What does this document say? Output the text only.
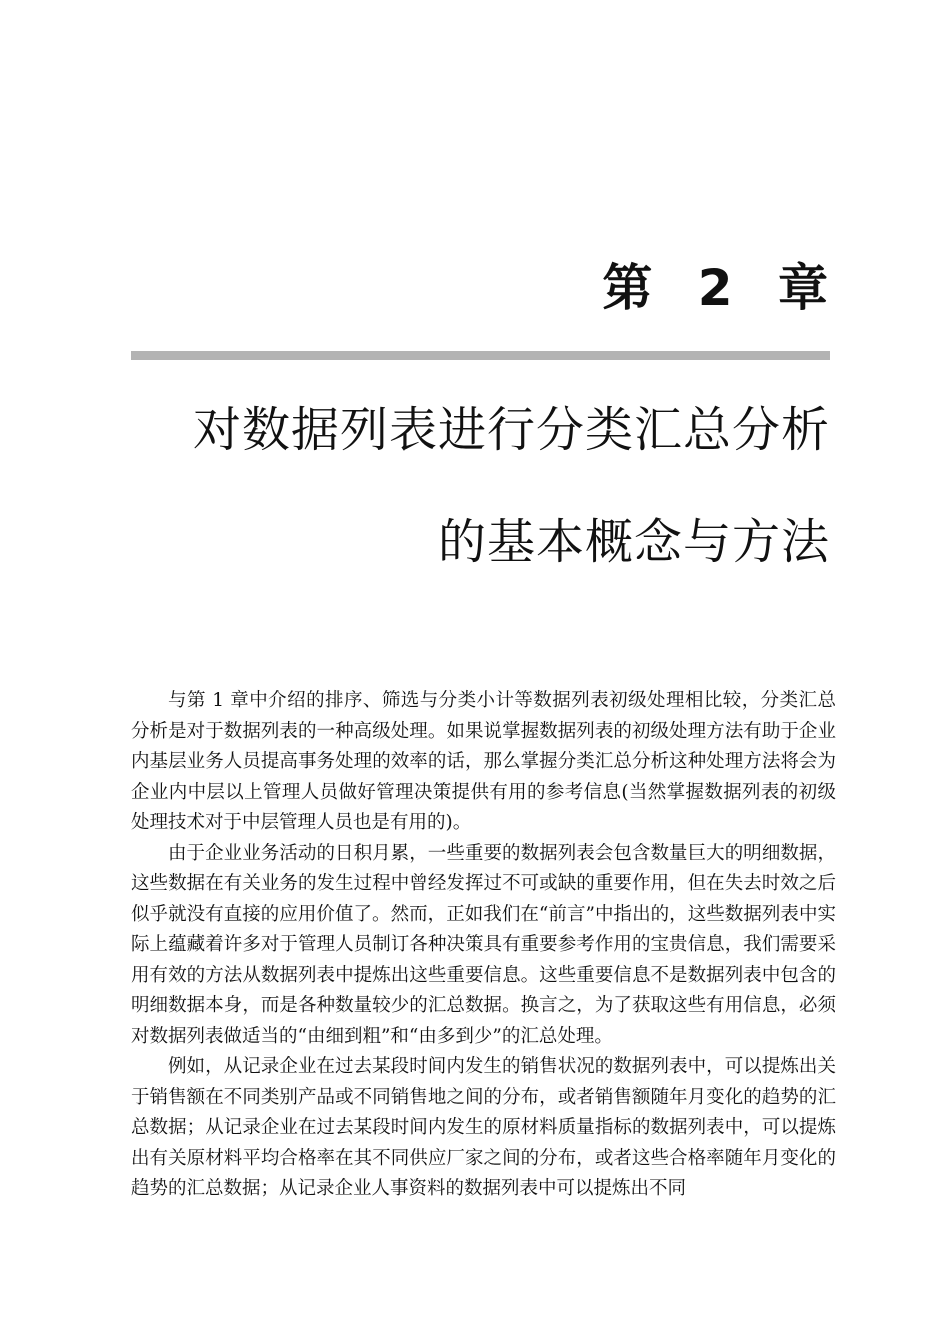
第 2 章
对数据列表进行分类汇总分析
的基本概念与方法

与第 1 章中介绍的排序、筛选与分类小计等数据列表初级处理相比较，分类汇总分析是对于数据列表的一种高级处理。如果说掌握数据列表的初级处理方法有助于企业内基层业务人员提高事务处理的效率的话，那么掌握分类汇总分析这种处理方法将会为企业内中层以上管理人员做好管理决策提供有用的参考信息(当然掌握数据列表的初级处理技术对于中层管理人员也是有用的)。

由于企业业务活动的日积月累，一些重要的数据列表会包含数量巨大的明细数据，这些数据在有关业务的发生过程中曾经发挥过不可或缺的重要作用，但在失去时效之后似乎就没有直接的应用价值了。然而，正如我们在“前言”中指出的，这些数据列表中实际上蕴藏着许多对于管理人员制订各种决策具有重要参考作用的宝贵信息，我们需要采用有效的方法从数据列表中提炼出这些重要信息。这些重要信息不是数据列表中包含的明细数据本身，而是各种数量较少的汇总数据。换言之，为了获取这些有用信息，必须对数据列表做适当的“由细到粗”和“由多到少”的汇总处理。

例如，从记录企业在过去某段时间内发生的销售状况的数据列表中，可以提炼出关于销售额在不同类别产品或不同销售地之间的分布，或者销售额随年月变化的趋势的汇总数据；从记录企业在过去某段时间内发生的原材料质量指标的数据列表中，可以提炼出有关原材料平均合格率在其不同供应厂家之间的分布，或者这些合格率随年月变化的趋势的汇总数据；从记录企业人事资料的数据列表中可以提炼出不同
